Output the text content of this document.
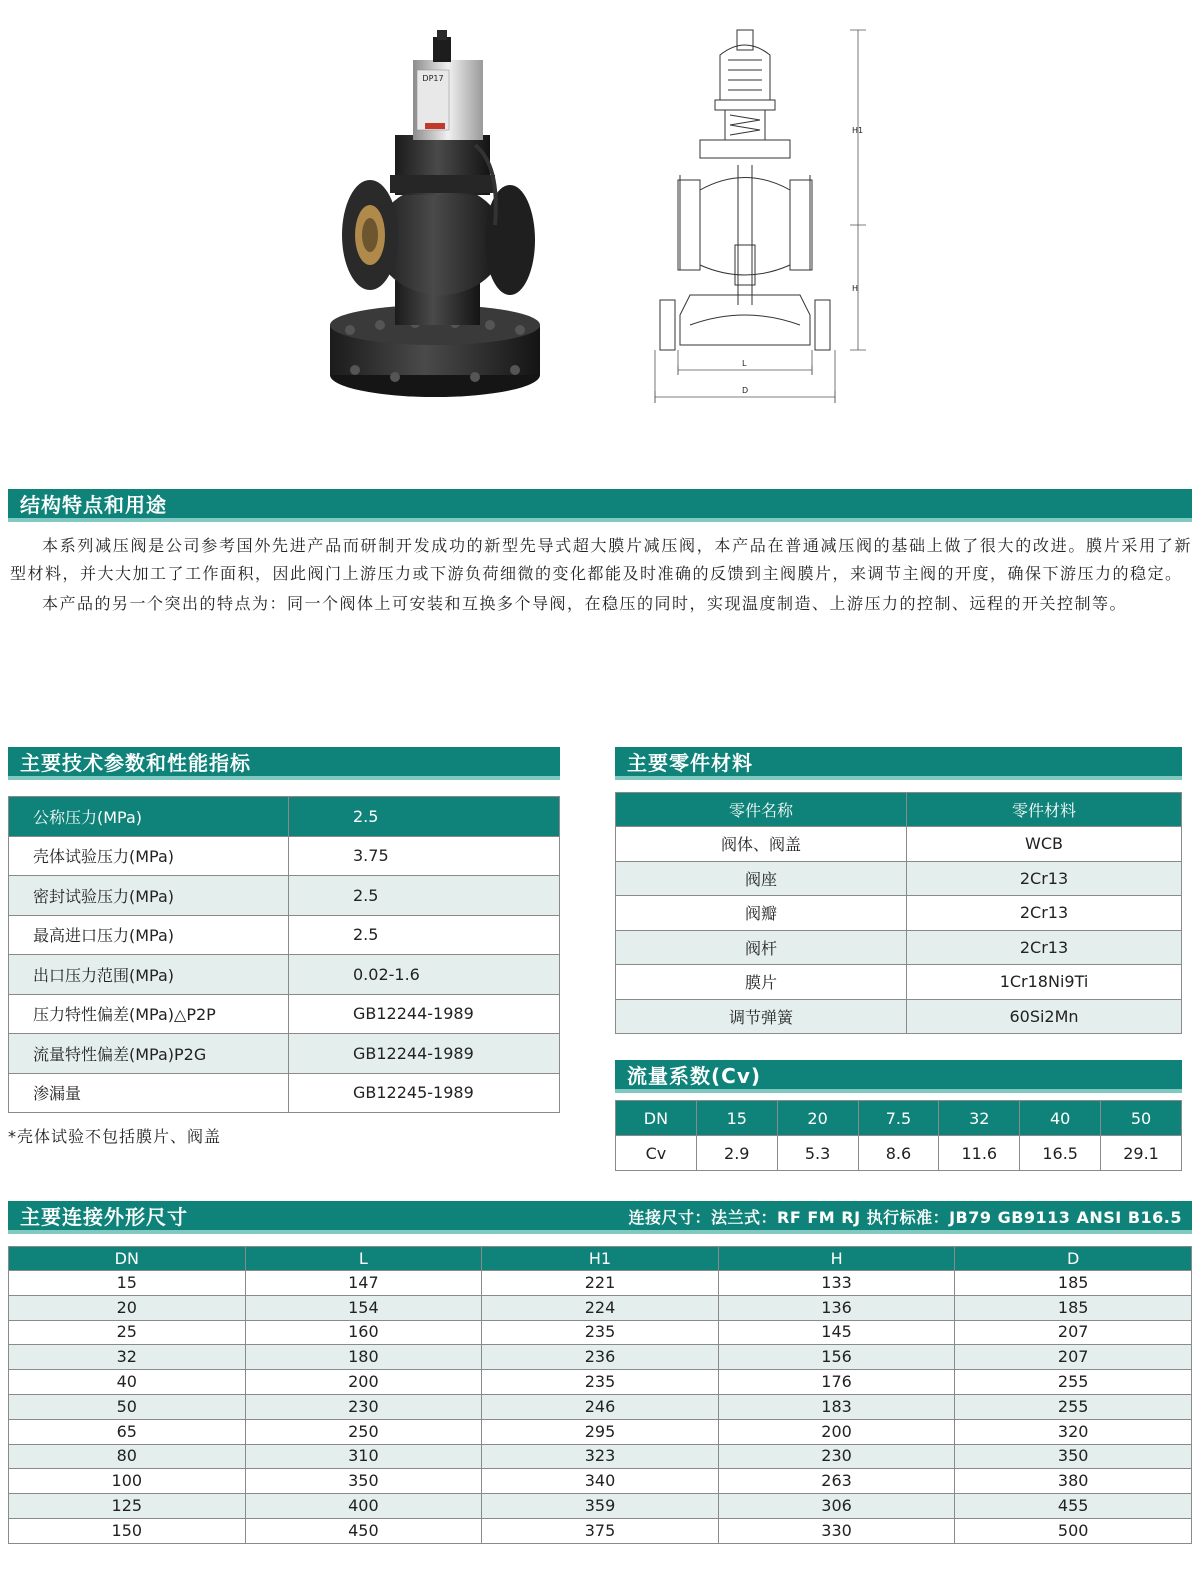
DP17
H1
H
L
D
结构特点和用途

本系列减压阀是公司参考国外先进产品而研制开发成功的新型先导式超大膜片减压阀，本产品在普通减压阀的基础上做了很大的改进。膜片采用了新型材料，并大大加工了工作面积，因此阀门上游压力或下游负荷细微的变化都能及时准确的反馈到主阀膜片，来调节主阀的开度，确保下游压力的稳定。

本产品的另一个突出的特点为：同一个阀体上可安装和互换多个导阀，在稳压的同时，实现温度制造、上游压力的控制、远程的开关控制等。

主要技术参数和性能指标
公称压力(MPa)	2.5
壳体试验压力(MPa)	3.75
密封试验压力(MPa)	2.5
最高进口压力(MPa)	2.5
出口压力范围(MPa)	0.02-1.6
压力特性偏差(MPa)△P2P	GB12244-1989
流量特性偏差(MPa)P2G	GB12244-1989
渗漏量	GB12245-1989
*壳体试验不包括膜片、阀盖
主要零件材料
零件名称	零件材料
阀体、阀盖	WCB
阀座	2Cr13
阀瓣	2Cr13
阀杆	2Cr13
膜片	1Cr18Ni9Ti
调节弹簧	60Si2Mn
流量系数(Cv)
DN	15	20	7.5	32	40	50
Cv	2.9	5.3	8.6	11.6	16.5	29.1
主要连接外形尺寸	连接尺寸：法兰式：RF FM RJ 执行标准：JB79 GB9113 ANSI B16.5
DN	L	H1	H	D
15	147	221	133	185
20	154	224	136	185
25	160	235	145	207
32	180	236	156	207
40	200	235	176	255
50	230	246	183	255
65	250	295	200	320
80	310	323	230	350
100	350	340	263	380
125	400	359	306	455
150	450	375	330	500
